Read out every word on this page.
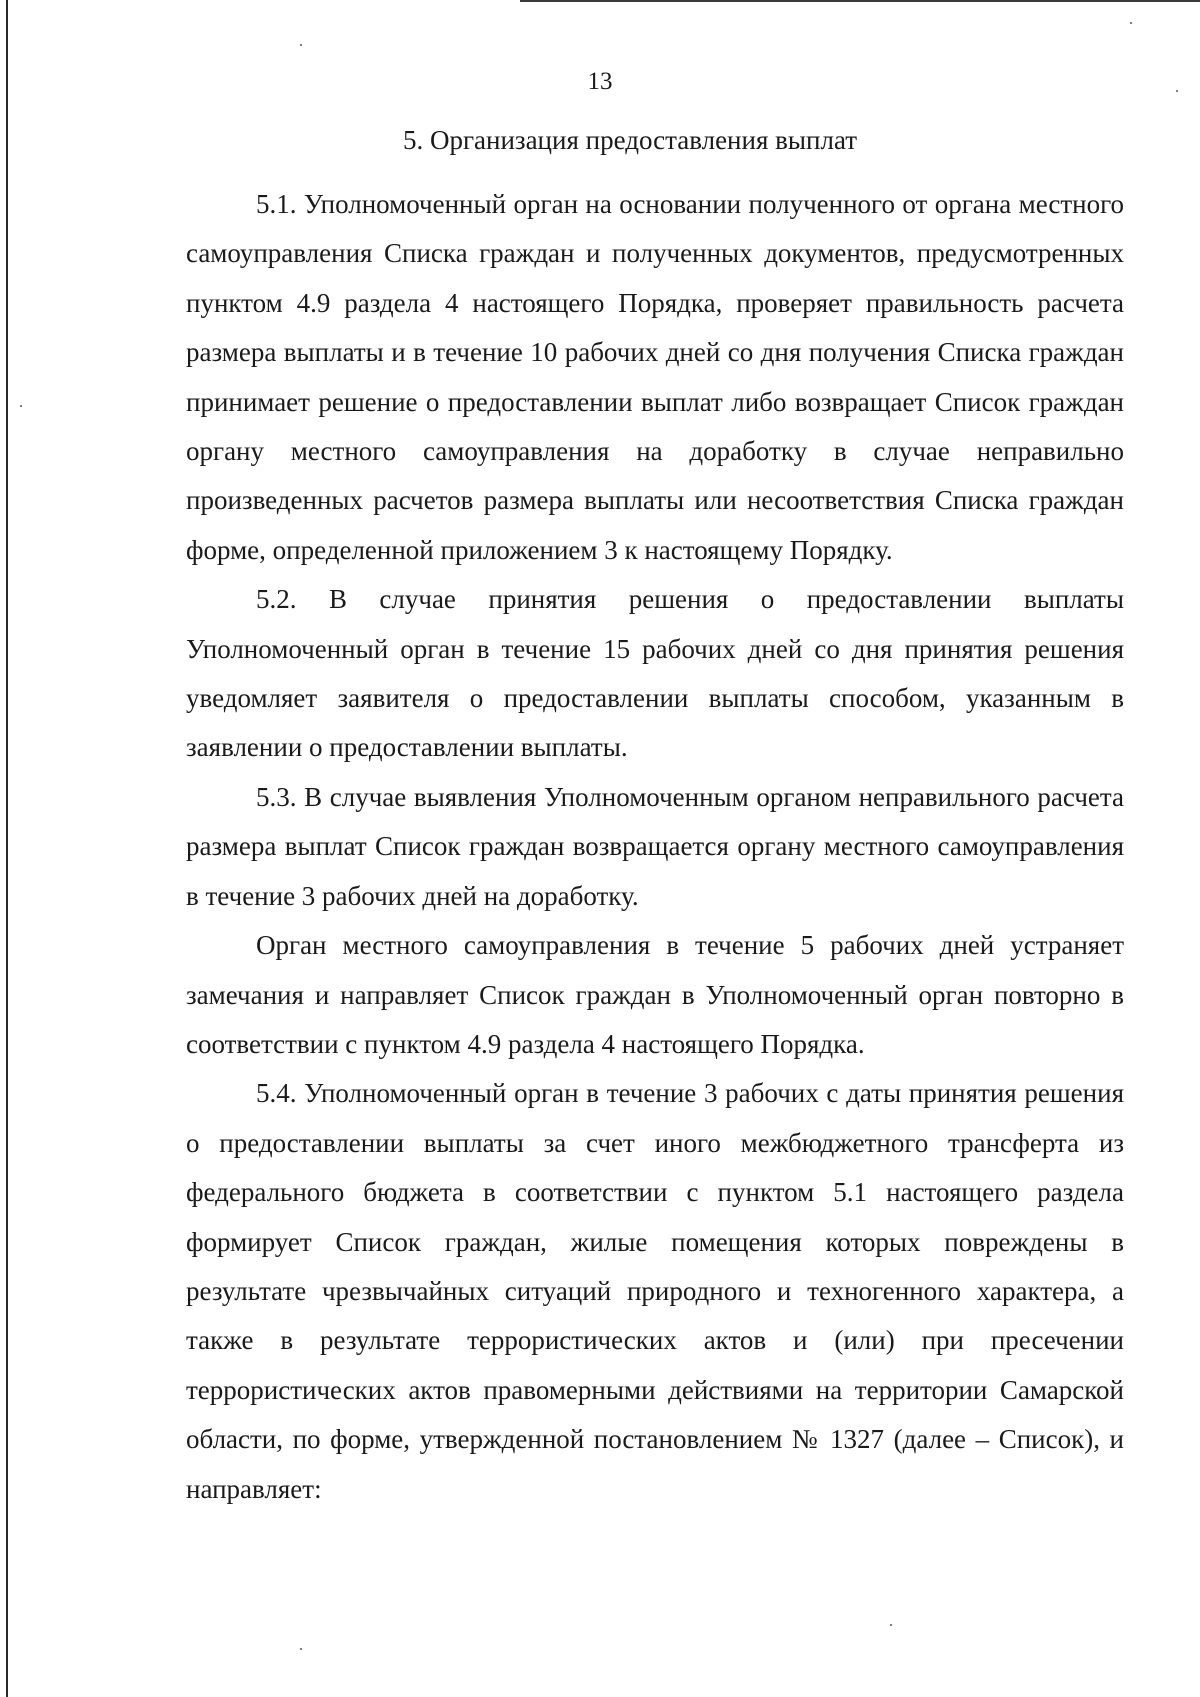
13
5. Организация предоставления выплат

5.1. Уполномоченный орган на основании полученного от органа местного самоуправления Списка граждан и полученных документов, предусмотренных пунктом 4.9 раздела 4 настоящего Порядка, проверяет правильность расчета размера выплаты и в течение 10 рабочих дней со дня получения Списка граждан принимает решение о предоставлении выплат либо возвращает Список граждан органу местного самоуправления на доработку в случае неправильно произведенных расчетов размера выплаты или несоответствия Списка граждан форме, определенной приложением 3 к настоящему Порядку.

5.2. В случае принятия решения о предоставлении выплаты Уполномоченный орган в течение 15 рабочих дней со дня принятия решения уведомляет заявителя о предоставлении выплаты способом, указанным в заявлении о предоставлении выплаты.

5.3. В случае выявления Уполномоченным органом неправильного расчета размера выплат Список граждан возвращается органу местного самоуправления в течение 3 рабочих дней на доработку.

Орган местного самоуправления в течение 5 рабочих дней устраняет замечания и направляет Список граждан в Уполномоченный орган повторно в соответствии с пунктом 4.9 раздела 4 настоящего Порядка.

5.4. Уполномоченный орган в течение 3 рабочих с даты принятия решения о предоставлении выплаты за счет иного межбюджетного трансферта из федерального бюджета в соответствии с пунктом 5.1 настоящего раздела формирует Список граждан, жилые помещения которых повреждены в результате чрезвычайных ситуаций природного и техногенного характера, а также в результате террористических актов и (или) при пресечении террористических актов правомерными действиями на территории Самарской области, по форме, утвержденной постановлением № 1327 (далее – Список), и направляет:
